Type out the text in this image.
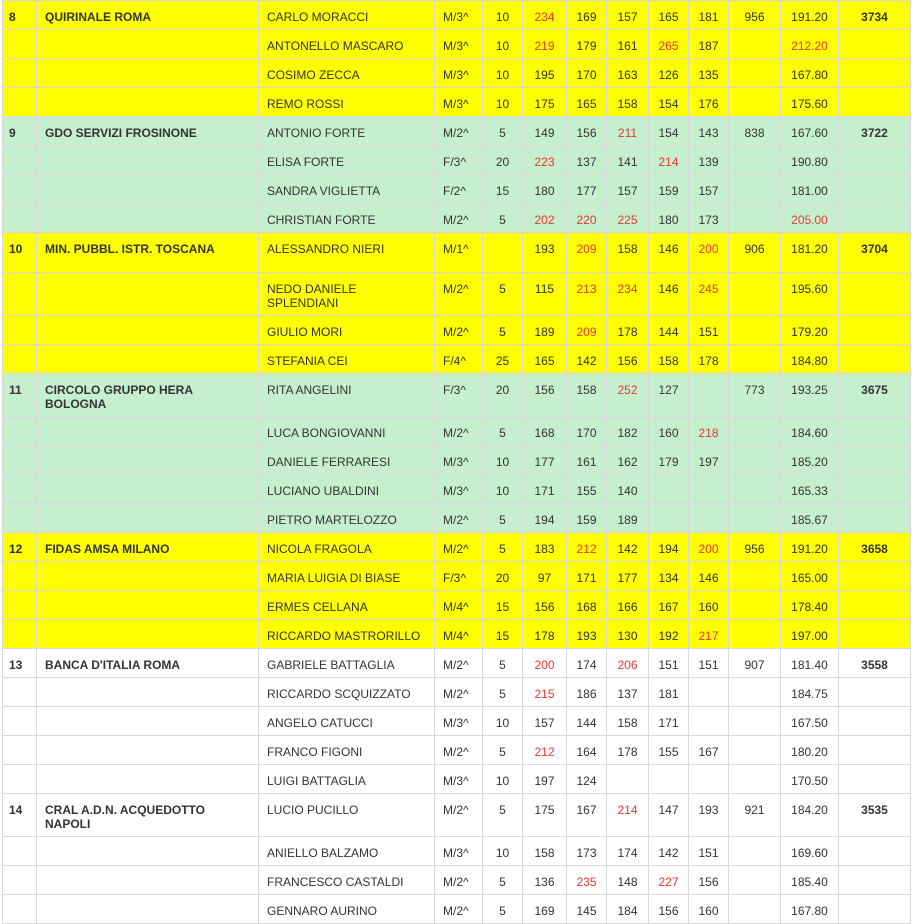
8	QUIRINALE ROMA	CARLO MORACCI	M/3^	10	234	169	157	165	181	956	191.20	3734

		ANTONELLO MASCARO	M/3^	10	219	179	161	265	187		212.20	

		COSIMO ZECCA	M/3^	10	195	170	163	126	135		167.80	

		REMO ROSSI	M/3^	10	175	165	158	154	176		175.60	

9	GDO SERVIZI FROSINONE	ANTONIO FORTE	M/2^	5	149	156	211	154	143	838	167.60	3722

		ELISA FORTE	F/3^	20	223	137	141	214	139		190.80	

		SANDRA VIGLIETTA	F/2^	15	180	177	157	159	157		181.00	

		CHRISTIAN FORTE	M/2^	5	202	220	225	180	173		205.00	

10	MIN. PUBBL. ISTR. TOSCANA	ALESSANDRO NIERI	M/1^		193	209	158	146	200	906	181.20	3704

		NEDO DANIELE SPLENDIANI	M/2^	5	115	213	234	146	245		195.60	

		GIULIO MORI	M/2^	5	189	209	178	144	151		179.20	

		STEFANIA CEI	F/4^	25	165	142	156	158	178		184.80	

11	CIRCOLO GRUPPO HERA BOLOGNA	RITA ANGELINI	F/3^	20	156	158	252	127		773	193.25	3675

		LUCA BONGIOVANNI	M/2^	5	168	170	182	160	218		184.60	

		DANIELE FERRARESI	M/3^	10	177	161	162	179	197		185.20	

		LUCIANO UBALDINI	M/3^	10	171	155	140				165.33	

		PIETRO MARTELOZZO	M/2^	5	194	159	189				185.67	

12	FIDAS AMSA MILANO	NICOLA FRAGOLA	M/2^	5	183	212	142	194	200	956	191.20	3658

		MARIA LUIGIA DI BIASE	F/3^	20	97	171	177	134	146		165.00	

		ERMES CELLANA	M/4^	15	156	168	166	167	160		178.40	

		RICCARDO MASTRORILLO	M/4^	15	178	193	130	192	217		197.00	

13	BANCA D'ITALIA ROMA	GABRIELE BATTAGLIA	M/2^	5	200	174	206	151	151	907	181.40	3558

		RICCARDO SCQUIZZATO	M/2^	5	215	186	137	181			184.75	

		ANGELO CATUCCI	M/3^	10	157	144	158	171			167.50	

		FRANCO FIGONI	M/2^	5	212	164	178	155	167		180.20	

		LUIGI BATTAGLIA	M/3^	10	197	124					170.50	

14	CRAL A.D.N. ACQUEDOTTO NAPOLI	LUCIO PUCILLO	M/2^	5	175	167	214	147	193	921	184.20	3535

		ANIELLO BALZAMO	M/3^	10	158	173	174	142	151		169.60	

		FRANCESCO CASTALDI	M/2^	5	136	235	148	227	156		185.40	

		GENNARO AURINO	M/2^	5	169	145	184	156	160		167.80	
